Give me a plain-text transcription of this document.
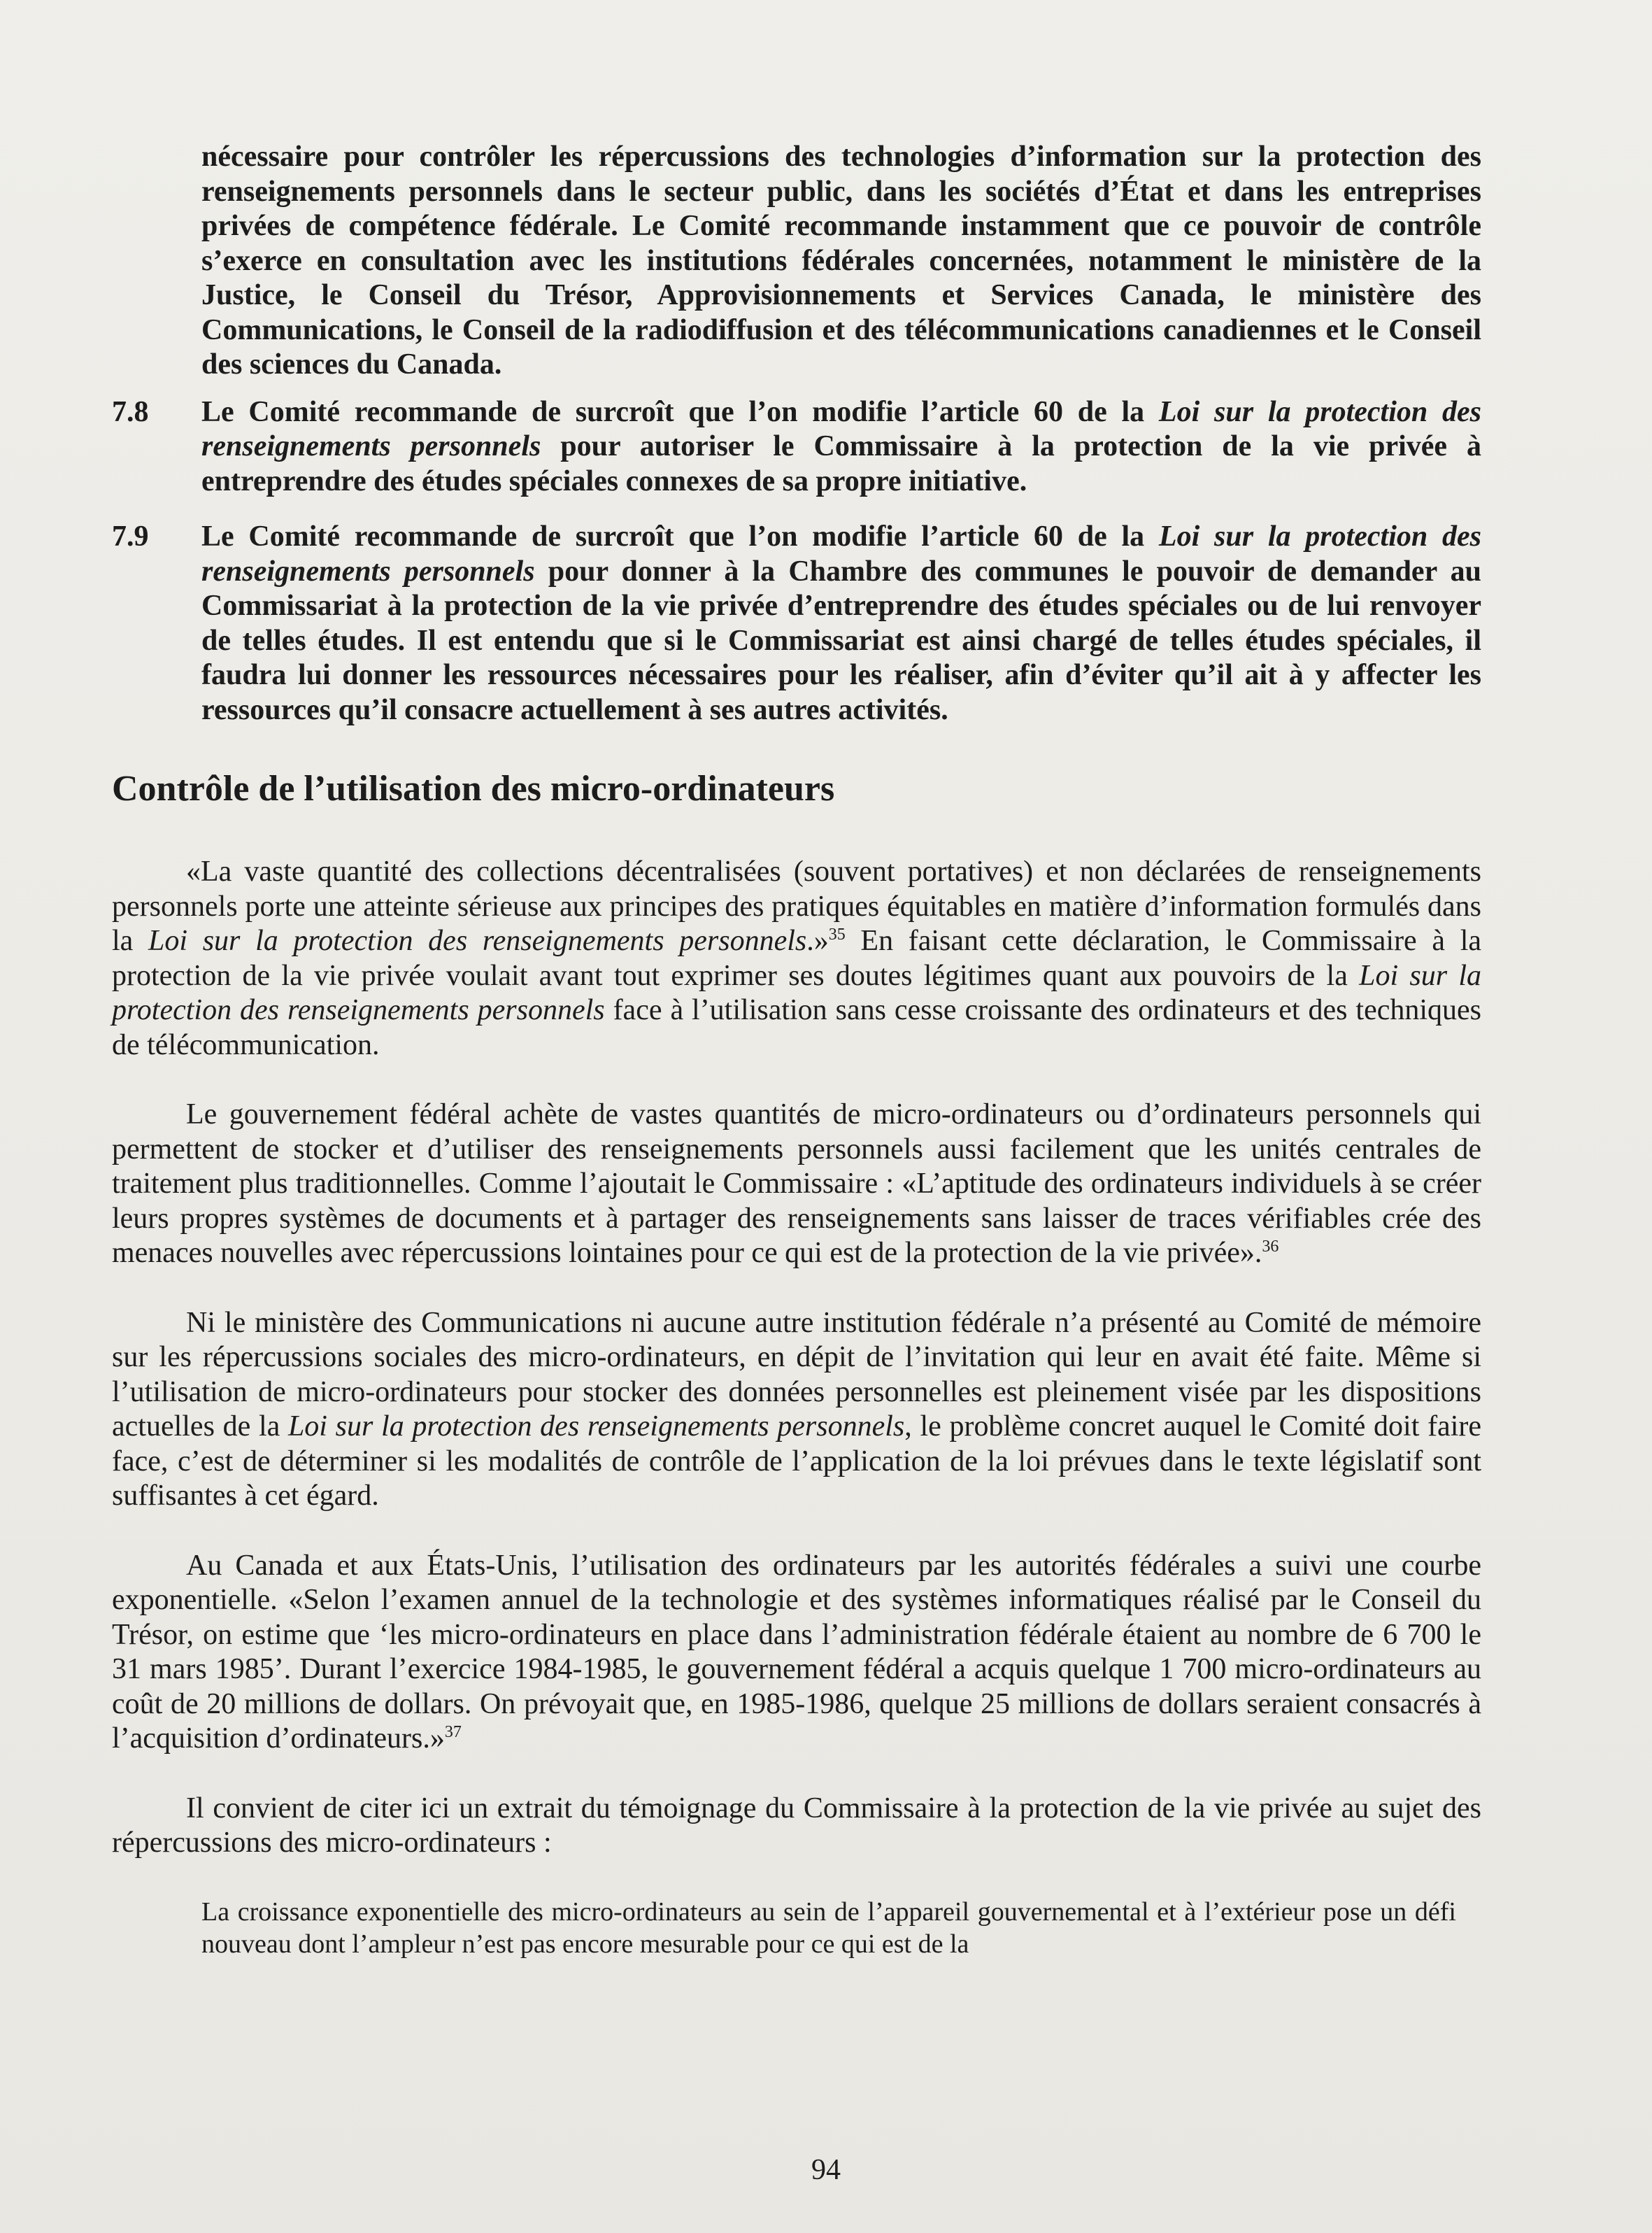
nécessaire pour contrôler les répercussions des technologies d’information sur la protection des renseignements personnels dans le secteur public, dans les sociétés d’État et dans les entreprises privées de compétence fédérale. Le Comité recommande instamment que ce pouvoir de contrôle s’exerce en consultation avec les institutions fédérales concernées, notamment le ministère de la Justice, le Conseil du Trésor, Approvisionnements et Services Canada, le ministère des Communications, le Conseil de la radiodiffusion et des télécommunications canadiennes et le Conseil des sciences du Canada.
7.8	Le Comité recommande de surcroît que l’on modifie l’article 60 de la Loi sur la protection des renseignements personnels pour autoriser le Commissaire à la protection de la vie privée à entreprendre des études spéciales connexes de sa propre initiative.
7.9	Le Comité recommande de surcroît que l’on modifie l’article 60 de la Loi sur la protection des renseignements personnels pour donner à la Chambre des communes le pouvoir de demander au Commissariat à la protection de la vie privée d’entreprendre des études spéciales ou de lui renvoyer de telles études. Il est entendu que si le Commissariat est ainsi chargé de telles études spéciales, il faudra lui donner les ressources nécessaires pour les réaliser, afin d’éviter qu’il ait à y affecter les ressources qu’il consacre actuellement à ses autres activités.
Contrôle de l’utilisation des micro-ordinateurs

«La vaste quantité des collections décentralisées (souvent portatives) et non déclarées de renseignements personnels porte une atteinte sérieuse aux principes des pratiques équitables en matière d’information formulés dans la Loi sur la protection des renseignements personnels.»$^{35}$ En faisant cette déclaration, le Commissaire à la protection de la vie privée voulait avant tout exprimer ses doutes légitimes quant aux pouvoirs de la Loi sur la protection des renseignements personnels face à l’utilisation sans cesse croissante des ordinateurs et des techniques de télécommunication.

Le gouvernement fédéral achète de vastes quantités de micro-ordinateurs ou d’ordinateurs personnels qui permettent de stocker et d’utiliser des renseignements personnels aussi facilement que les unités centrales de traitement plus traditionnelles. Comme l’ajoutait le Commissaire : «L’aptitude des ordinateurs individuels à se créer leurs propres systèmes de documents et à partager des renseignements sans laisser de traces vérifiables crée des menaces nouvelles avec répercussions lointaines pour ce qui est de la protection de la vie privée».$^{36}$

Ni le ministère des Communications ni aucune autre institution fédérale n’a présenté au Comité de mémoire sur les répercussions sociales des micro-ordinateurs, en dépit de l’invitation qui leur en avait été faite. Même si l’utilisation de micro-ordinateurs pour stocker des données personnelles est pleinement visée par les dispositions actuelles de la Loi sur la protection des renseignements personnels, le problème concret auquel le Comité doit faire face, c’est de déterminer si les modalités de contrôle de l’application de la loi prévues dans le texte législatif sont suffisantes à cet égard.

Au Canada et aux États-Unis, l’utilisation des ordinateurs par les autorités fédérales a suivi une courbe exponentielle. «Selon l’examen annuel de la technologie et des systèmes informatiques réalisé par le Conseil du Trésor, on estime que ‘les micro-ordinateurs en place dans l’administration fédérale étaient au nombre de 6 700 le 31 mars 1985’. Durant l’exercice 1984-1985, le gouvernement fédéral a acquis quelque 1 700 micro-ordinateurs au coût de 20 millions de dollars. On prévoyait que, en 1985-1986, quelque 25 millions de dollars seraient consacrés à l’acquisition d’ordinateurs.»$^{37}$

Il convient de citer ici un extrait du témoignage du Commissaire à la protection de la vie privée au sujet des répercussions des micro-ordinateurs :

La croissance exponentielle des micro-ordinateurs au sein de l’appareil gouvernemental et à l’extérieur pose un défi nouveau dont l’ampleur n’est pas encore mesurable pour ce qui est de la
94
